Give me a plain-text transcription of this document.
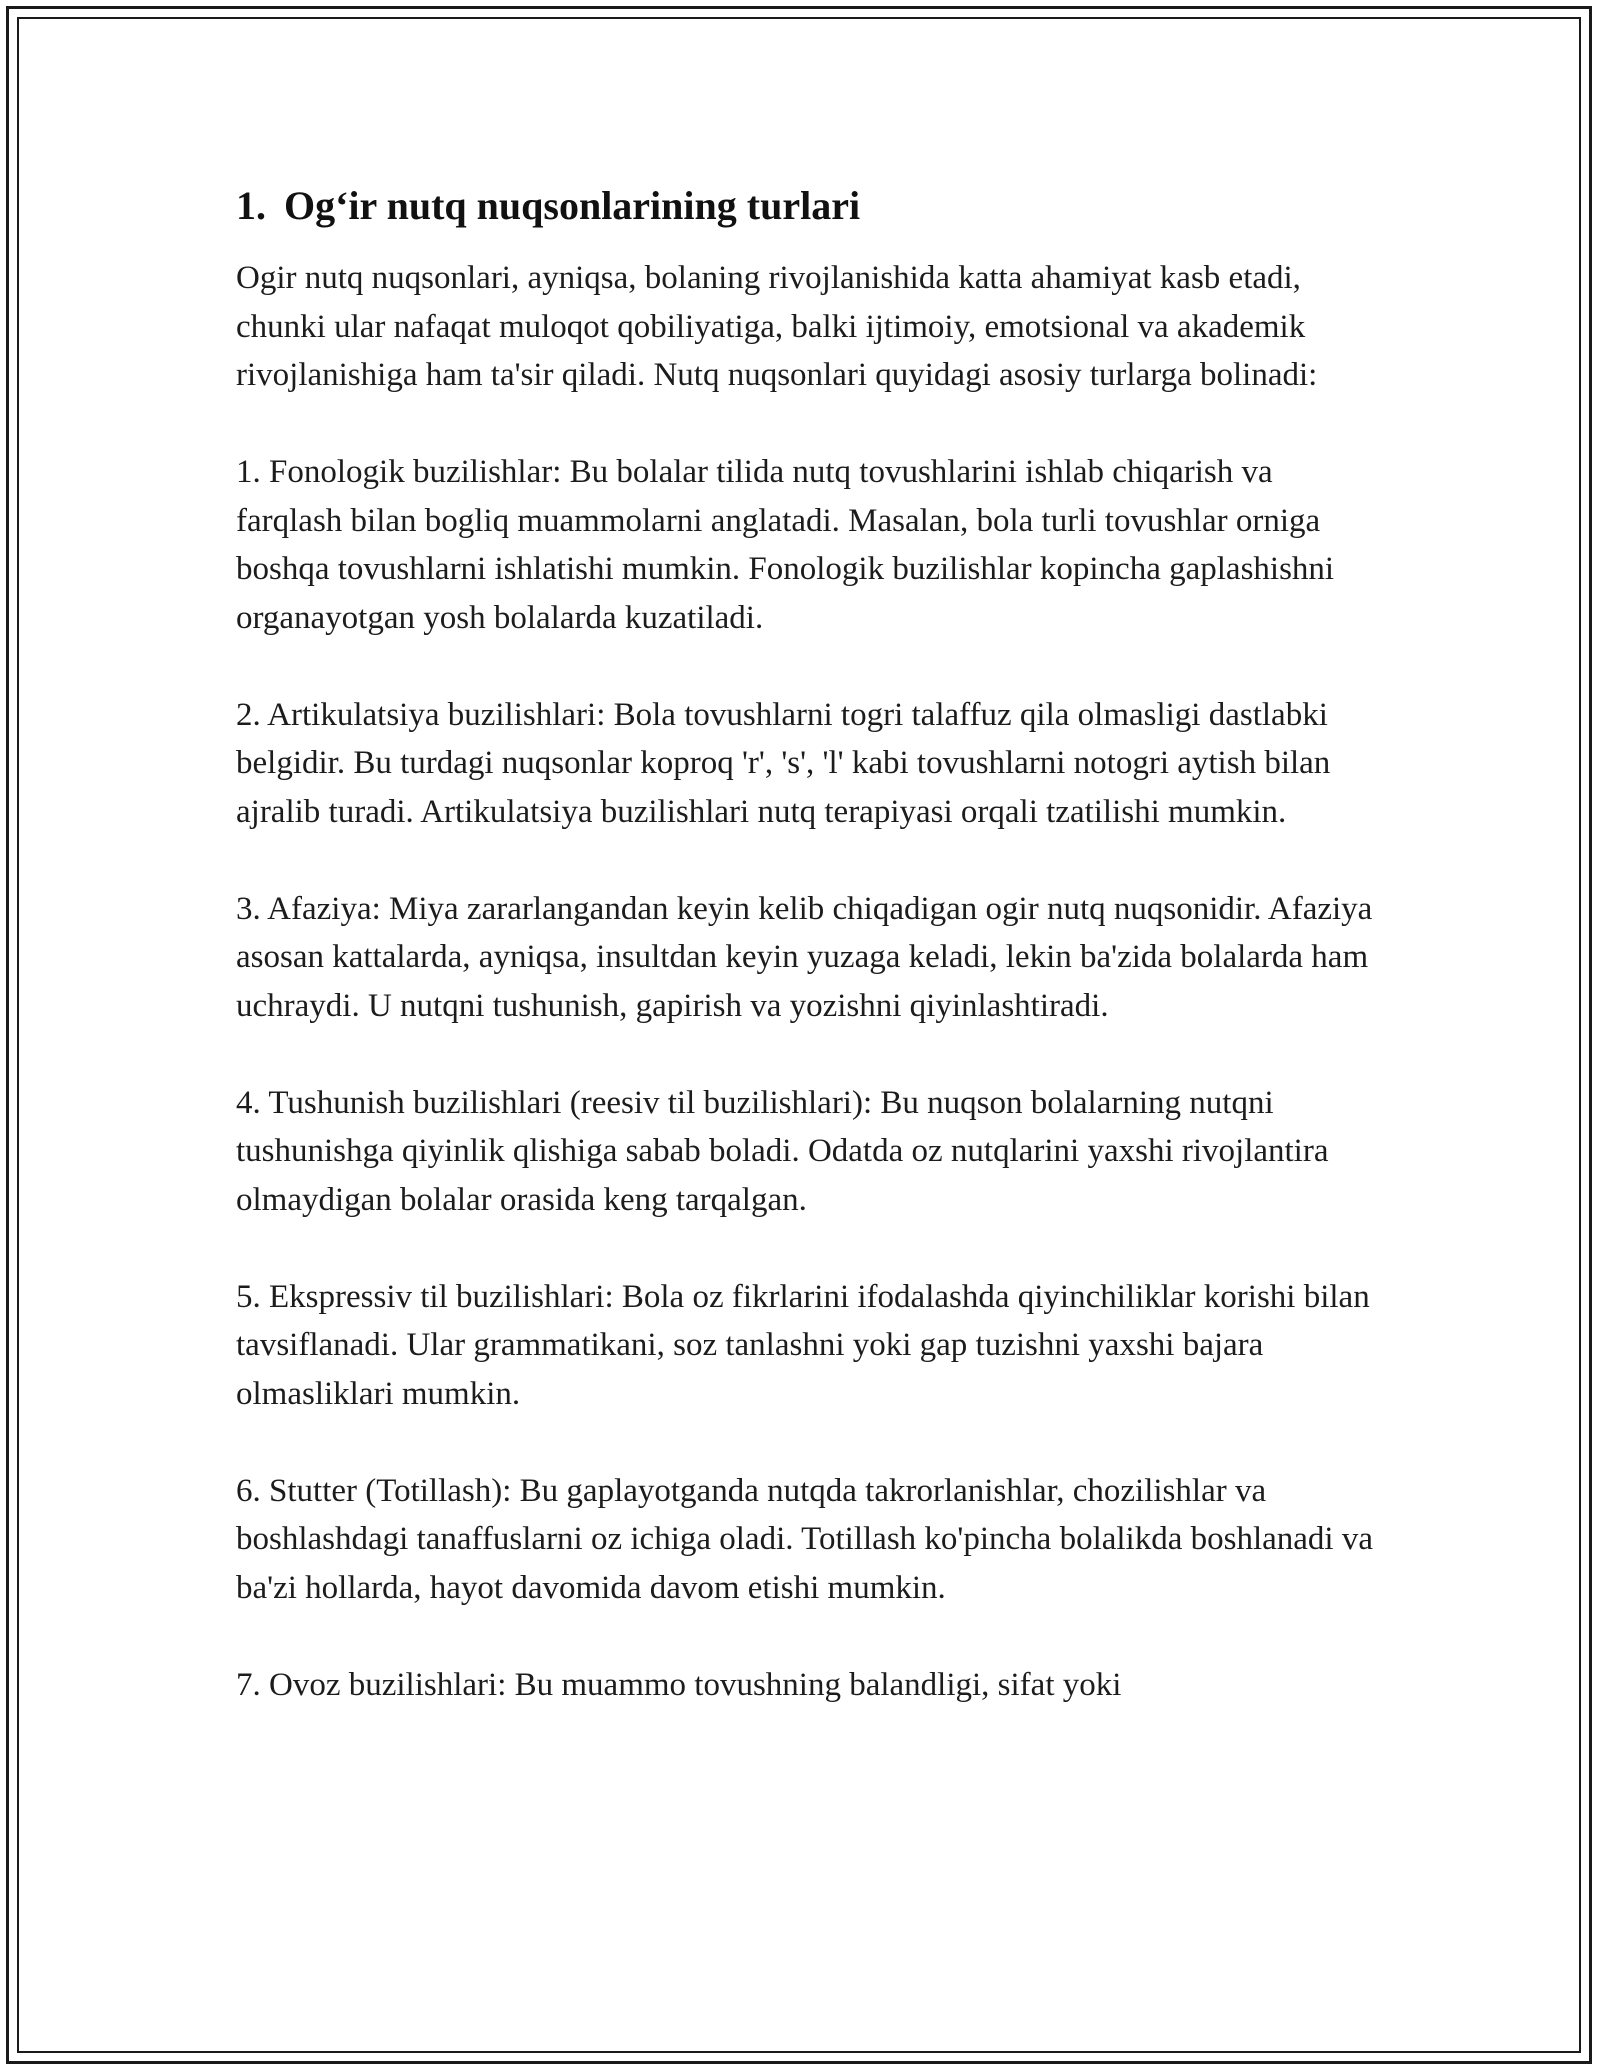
1. Og‘ir nutq nuqsonlarining turlari

Ogir nutq nuqsonlari, ayniqsa, bolaning rivojlanishida katta ahamiyat kasb etadi, chunki ular nafaqat muloqot qobiliyatiga, balki ijtimoiy, emotsional va akademik rivojlanishiga ham ta'sir qiladi. Nutq nuqsonlari quyidagi asosiy turlarga bolinadi:

1. Fonologik buzilishlar: Bu bolalar tilida nutq tovushlarini ishlab chiqarish va farqlash bilan bogliq muammolarni anglatadi. Masalan, bola turli tovushlar orniga boshqa tovushlarni ishlatishi mumkin. Fonologik buzilishlar kopincha gaplashishni organayotgan yosh bolalarda kuzatiladi.

2. Artikulatsiya buzilishlari: Bola tovushlarni togri talaffuz qila olmasligi dastlabki belgidir. Bu turdagi nuqsonlar koproq 'r', 's', 'l' kabi tovushlarni notogri aytish bilan ajralib turadi. Artikulatsiya buzilishlari nutq terapiyasi orqali tzatilishi mumkin.

3. Afaziya: Miya zararlangandan keyin kelib chiqadigan ogir nutq nuqsonidir. Afaziya asosan kattalarda, ayniqsa, insultdan keyin yuzaga keladi, lekin ba'zida bolalarda ham uchraydi. U nutqni tushunish, gapirish va yozishni qiyinlashtiradi.

4. Tushunish buzilishlari (reesiv til buzilishlari): Bu nuqson bolalarning nutqni tushunishga qiyinlik qlishiga sabab boladi. Odatda oz nutqlarini yaxshi rivojlantira olmaydigan bolalar orasida keng tarqalgan.

5. Ekspressiv til buzilishlari: Bola oz fikrlarini ifodalashda qiyinchiliklar korishi bilan tavsiflanadi. Ular grammatikani, soz tanlashni yoki gap tuzishni yaxshi bajara olmasliklari mumkin.

6. Stutter (Totillash): Bu gaplayotganda nutqda takrorlanishlar, chozilishlar va boshlashdagi tanaffuslarni oz ichiga oladi. Totillash ko'pincha bolalikda boshlanadi va ba'zi hollarda, hayot davomida davom etishi mumkin.

7. Ovoz buzilishlari: Bu muammo tovushning balandligi, sifat yoki
